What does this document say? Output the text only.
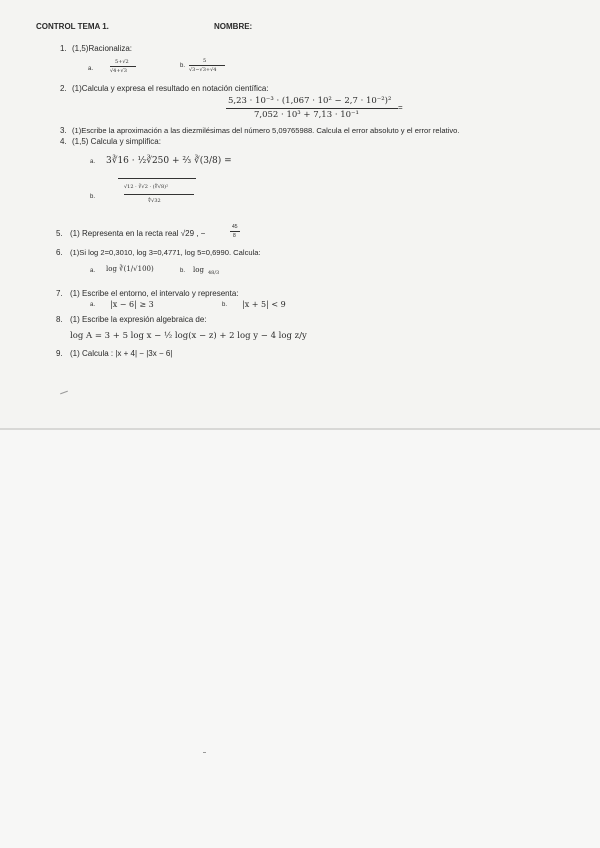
CONTROL TEMA 1.	NOMBRE:
1. (1,5)Racionaliza:
a.
5+√2
√4+√3
b.
5
√3−√3+√4
2. (1)Calcula y expresa el resultado en notación científica:
5,23 · 10⁻³ · (1,067 · 10² − 2,7 · 10⁻²)²
7,052 · 10³ + 7,13 · 10⁻¹
=
3. (1)Escribe la aproximación a las diezmilésimas del número 5,09765988. Calcula el error absoluto y el error relativo.
4. (1,5) Calcula y simplifica:
a. 3∛16 · ½∛250 + ⅔ ∛(3/8) =
b.
√12 · ∛√2 · (∜√8)²
∜√32
5. (1) Representa en la recta real √29 , −
45
8
6. (1)Si log 2=0,3010, log 3=0,4771, log 5=0,6990. Calcula:
a. log ∛(1/√100)	b. log 48/3
7. (1) Escribe el entorno, el intervalo y representa:
a. |x − 6| ≥ 3	b. |x + 5| < 9
8. (1) Escribe la expresión algebraica de:
log A = 3 + 5 log x − ½ log(x − z) + 2 log y − 4 log z/y
9. (1) Calcula : |x + 4| − |3x − 6|
